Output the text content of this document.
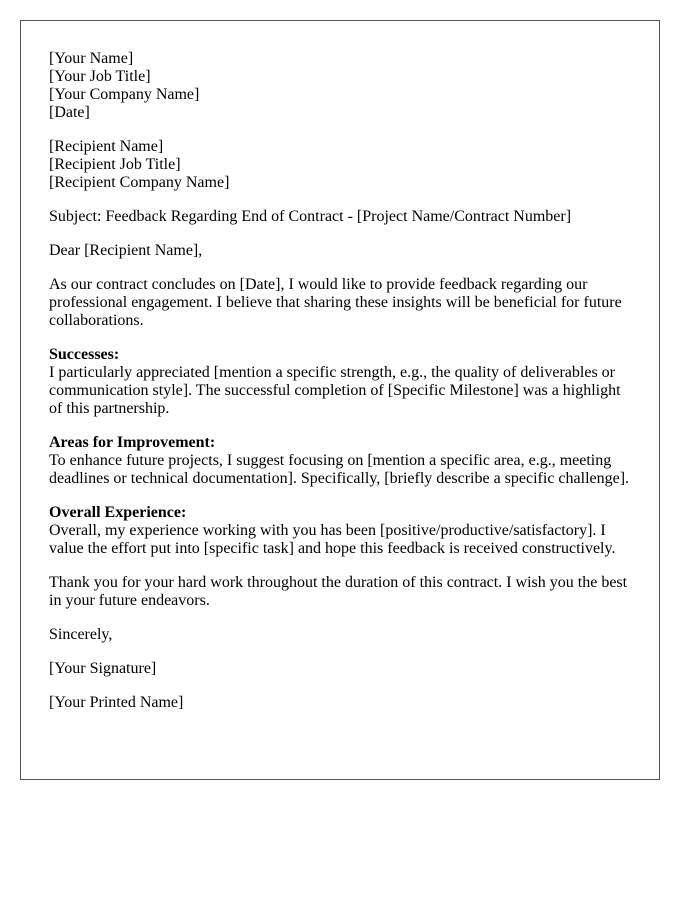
[Your Name]
[Your Job Title]
[Your Company Name]
[Date]

[Recipient Name]
[Recipient Job Title]
[Recipient Company Name]

Subject: Feedback Regarding End of Contract - [Project Name/Contract Number]

Dear [Recipient Name],

As our contract concludes on [Date], I would like to provide feedback regarding our professional engagement. I believe that sharing these insights will be beneficial for future collaborations.

Successes:
I particularly appreciated [mention a specific strength, e.g., the quality of deliverables or communication style]. The successful completion of [Specific Milestone] was a highlight of this partnership.

Areas for Improvement:
To enhance future projects, I suggest focusing on [mention a specific area, e.g., meeting deadlines or technical documentation]. Specifically, [briefly describe a specific challenge].

Overall Experience:
Overall, my experience working with you has been [positive/productive/satisfactory]. I value the effort put into [specific task] and hope this feedback is received constructively.

Thank you for your hard work throughout the duration of this contract. I wish you the best in your future endeavors.

Sincerely,

[Your Signature]

[Your Printed Name]
